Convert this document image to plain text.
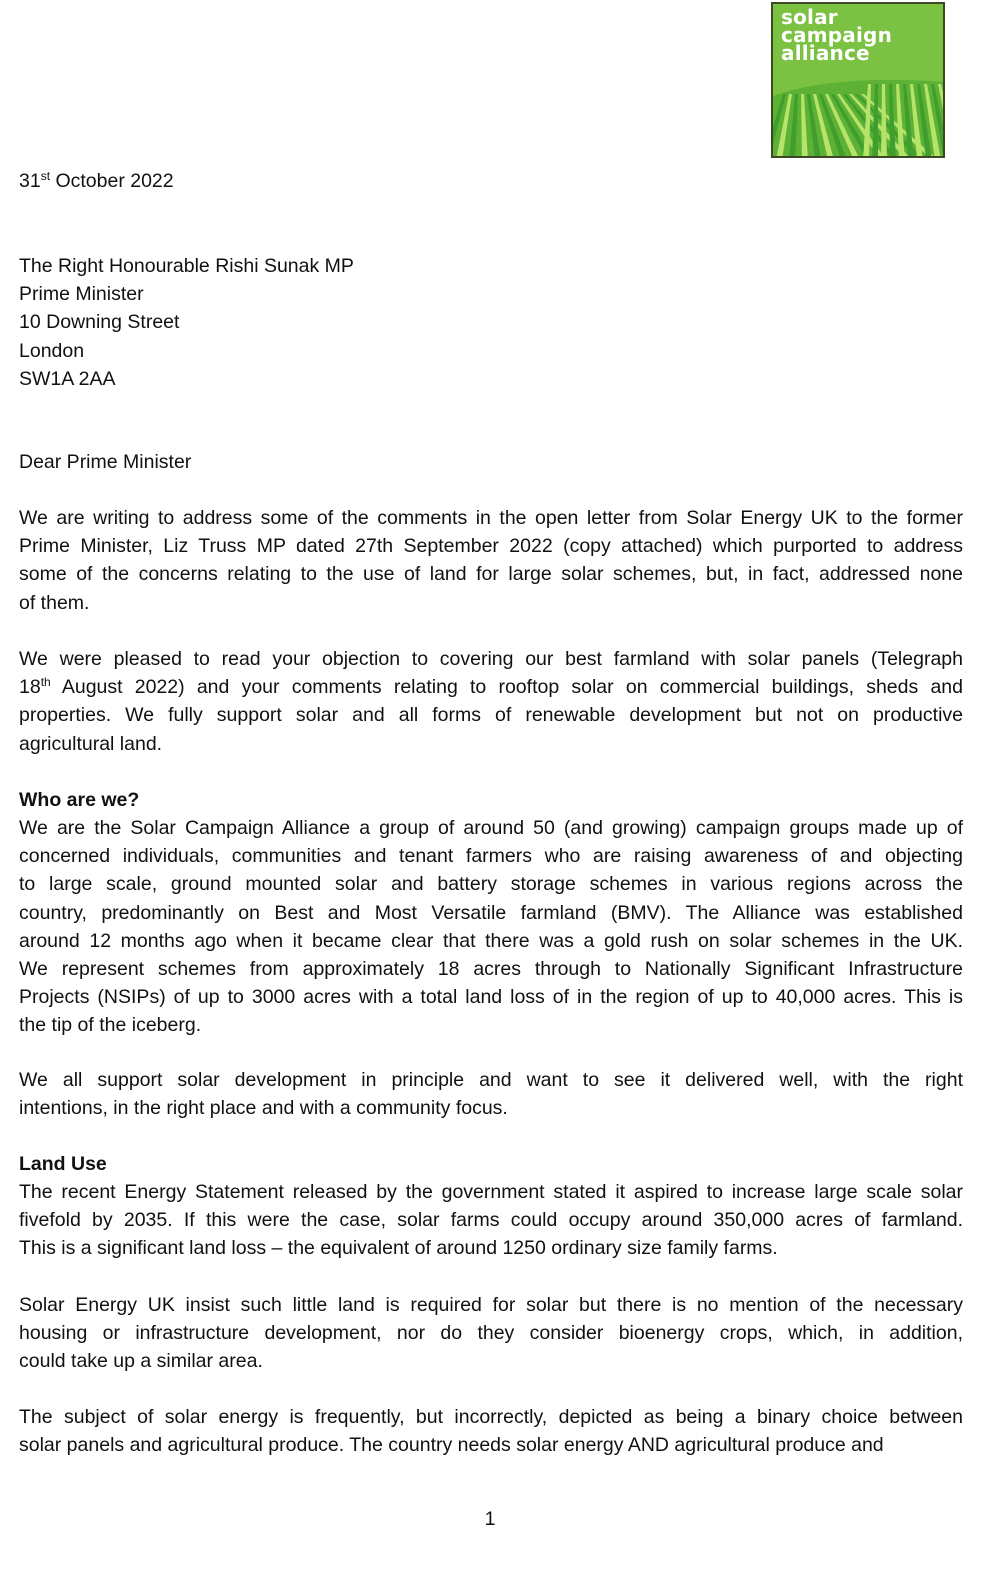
solar
campaign
alliance
31st October 2022
The Right Honourable Rishi Sunak MP
Prime Minister
10 Downing Street
London
SW1A 2AA
Dear Prime Minister
We are writing to address some of the comments in the open letter from Solar Energy UK to the former
Prime Minister, Liz Truss MP dated 27th September 2022 (copy attached) which purported to address
some of the concerns relating to the use of land for large solar schemes, but, in fact, addressed none
of them.
We were pleased to read your objection to covering our best farmland with solar panels (Telegraph
18th August 2022) and your comments relating to rooftop solar on commercial buildings, sheds and
properties. We fully support solar and all forms of renewable development but not on productive
agricultural land.
Who are we?
We are the Solar Campaign Alliance a group of around 50 (and growing) campaign groups made up of
concerned individuals, communities and tenant farmers who are raising awareness of and objecting
to large scale, ground mounted solar and battery storage schemes in various regions across the
country, predominantly on Best and Most Versatile farmland (BMV). The Alliance was established
around 12 months ago when it became clear that there was a gold rush on solar schemes in the UK.
We represent schemes from approximately 18 acres through to Nationally Significant Infrastructure
Projects (NSIPs) of up to 3000 acres with a total land loss of in the region of up to 40,000 acres. This is
the tip of the iceberg.
We all support solar development in principle and want to see it delivered well, with the right
intentions, in the right place and with a community focus.
Land Use
The recent Energy Statement released by the government stated it aspired to increase large scale solar
fivefold by 2035. If this were the case, solar farms could occupy around 350,000 acres of farmland.
This is a significant land loss – the equivalent of around 1250 ordinary size family farms.
Solar Energy UK insist such little land is required for solar but there is no mention of the necessary
housing or infrastructure development, nor do they consider bioenergy crops, which, in addition,
could take up a similar area.
The subject of solar energy is frequently, but incorrectly, depicted as being a binary choice between
solar panels and agricultural produce. The country needs solar energy AND agricultural produce and
1
